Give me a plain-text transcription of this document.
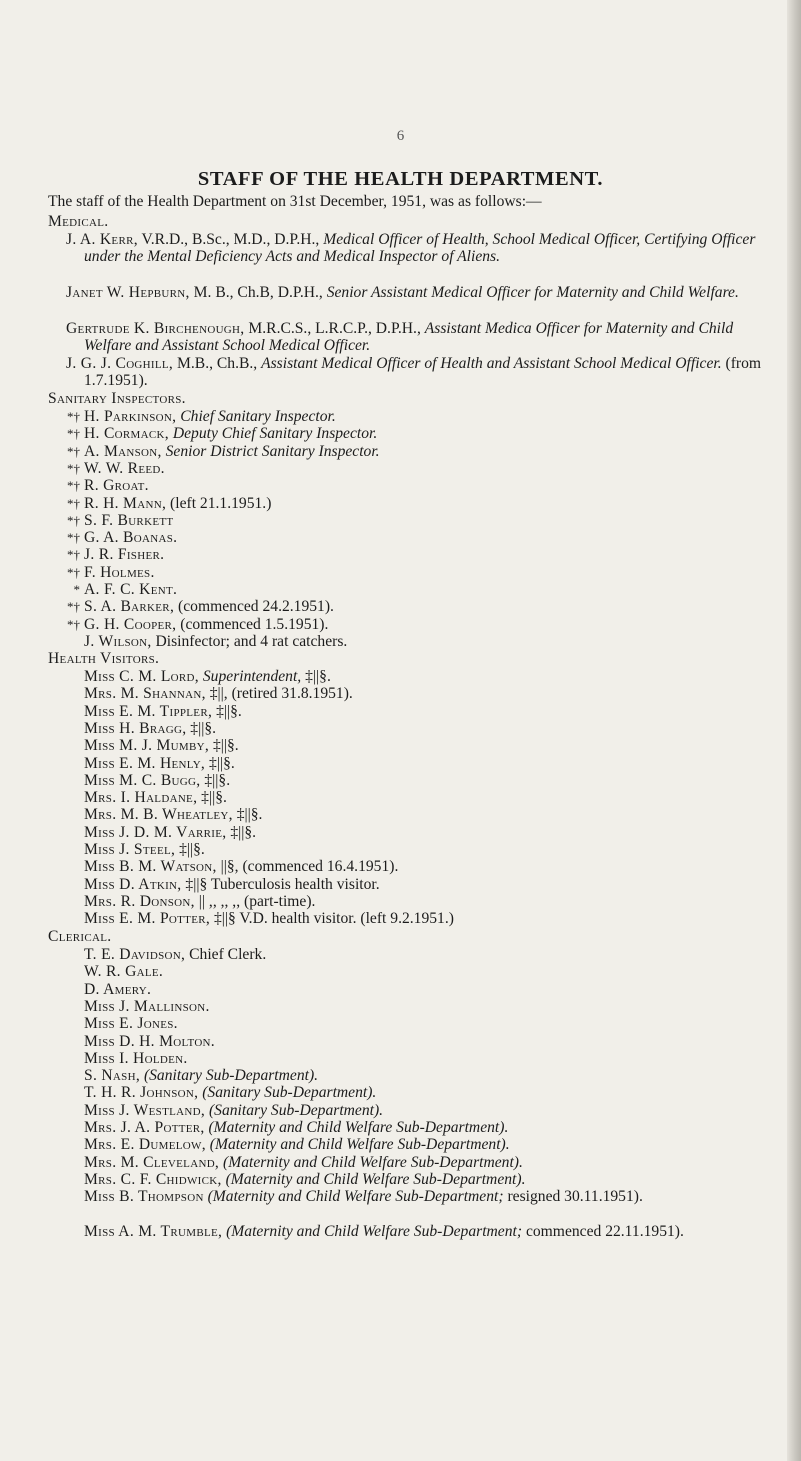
6
STAFF OF THE HEALTH DEPARTMENT.
The staff of the Health Department on 31st December, 1951, was as follows:—
Medical.
J. A. Kerr, V.R.D., B.Sc., M.D., D.P.H., Medical Officer of Health, School Medical Officer, Certifying Officer under the Mental Deficiency Acts and Medical Inspector of Aliens.
Janet W. Hepburn, M. B., Ch.B, D.P.H., Senior Assistant Medical Officer for Maternity and Child Welfare.
Gertrude K. Birchenough, M.R.C.S., L.R.C.P., D.P.H., Assistant Medica Officer for Maternity and Child Welfare and Assistant School Medical Officer.
J. G. J. Coghill, M.B., Ch.B., Assistant Medical Officer of Health and Assistant School Medical Officer. (from 1.7.1951).
Sanitary Inspectors.
*† H. Parkinson, Chief Sanitary Inspector.
*† H. Cormack, Deputy Chief Sanitary Inspector.
*† A. Manson, Senior District Sanitary Inspector.
*† W. W. Reed.
*† R. Groat.
*† R. H. Mann, (left 21.1.1951.)
*† S. F. Burkett
*† G. A. Boanas.
*† J. R. Fisher.
*† F. Holmes.
* A. F. C. Kent.
*† S. A. Barker, (commenced 24.2.1951).
*† G. H. Cooper, (commenced 1.5.1951).
J. Wilson, Disinfector; and 4 rat catchers.
Health Visitors.
Miss C. M. Lord, Superintendent, ‡||§.
Mrs. M. Shannan, ‡||, (retired 31.8.1951).
Miss E. M. Tippler, ‡||§.
Miss H. Bragg, ‡||§.
Miss M. J. Mumby, ‡||§.
Miss E. M. Henly, ‡||§.
Miss M. C. Bugg, ‡||§.
Mrs. I. Haldane, ‡||§.
Mrs. M. B. Wheatley, ‡||§.
Miss J. D. M. Varrie, ‡||§.
Miss J. Steel, ‡||§.
Miss B. M. Watson, ||§, (commenced 16.4.1951).
Miss D. Atkin, ‡||§ Tuberculosis health visitor.
Mrs. R. Donson, || ,, ,, ,, (part-time).
Miss E. M. Potter, ‡||§ V.D. health visitor. (left 9.2.1951.)
Clerical.
T. E. Davidson, Chief Clerk.
W. R. Gale.
D. Amery.
Miss J. Mallinson.
Miss E. Jones.
Miss D. H. Molton.
Miss I. Holden.
S. Nash, (Sanitary Sub-Department).
T. H. R. Johnson, (Sanitary Sub-Department).
Miss J. Westland, (Sanitary Sub-Department).
Mrs. J. A. Potter, (Maternity and Child Welfare Sub-Department).
Mrs. E. Dumelow, (Maternity and Child Welfare Sub-Department).
Mrs. M. Cleveland, (Maternity and Child Welfare Sub-Department).
Mrs. C. F. Chidwick, (Maternity and Child Welfare Sub-Department).
Miss B. Thompson (Maternity and Child Welfare Sub-Department; resigned 30.11.1951).
Miss A. M. Trumble, (Maternity and Child Welfare Sub-Department; commenced 22.11.1951).
